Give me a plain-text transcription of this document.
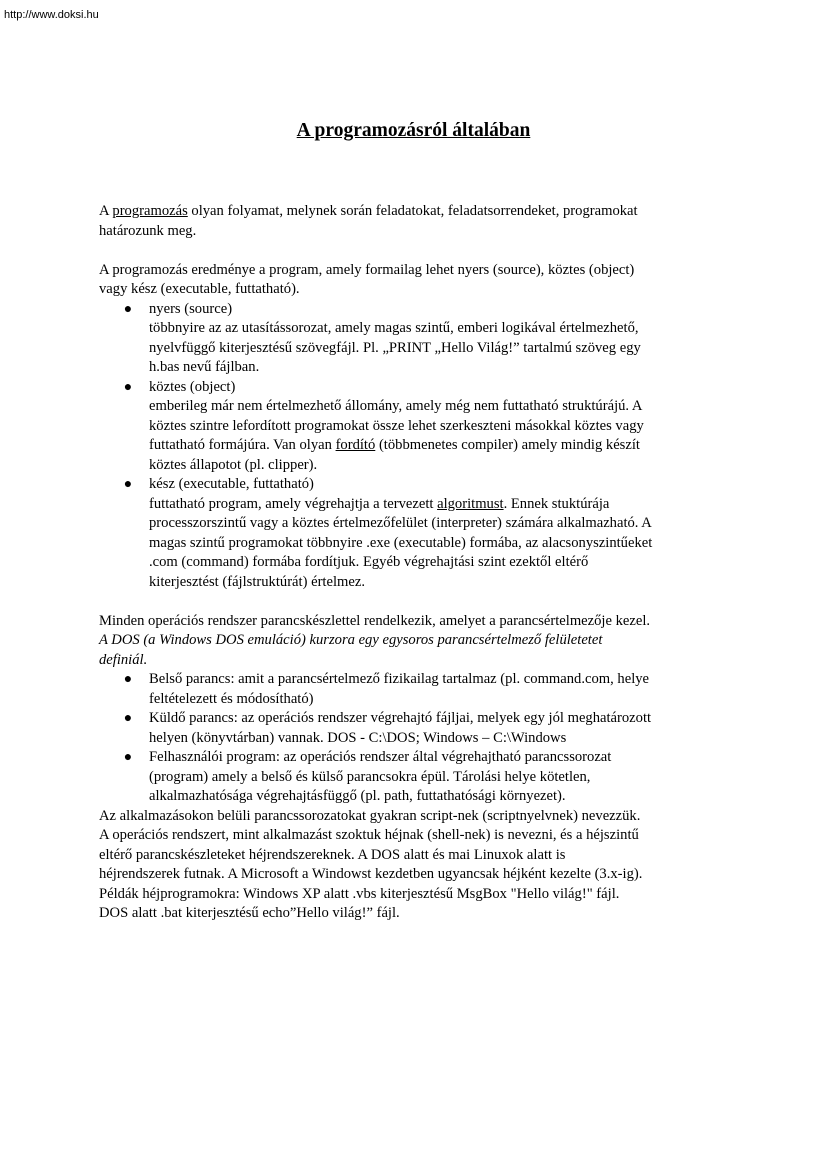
http://www.doksi.hu
A programozásról általában
A programozás olyan folyamat, melynek során feladatokat, feladatsorrendeket, programokat
határozunk meg.
A programozás eredménye a program, amely formailag lehet nyers (source), köztes (object)
vagy kész (executable, futtatható).
● nyers (source)
többnyire az az utasítássorozat, amely magas szintű, emberi logikával értelmezhető,
nyelvfüggő kiterjesztésű szövegfájl. Pl. „PRINT „Hello Világ!” tartalmú szöveg egy
h.bas nevű fájlban.
● köztes (object)
emberileg már nem értelmezhető állomány, amely még nem futtatható struktúrájú. A
köztes szintre lefordított programokat össze lehet szerkeszteni másokkal köztes vagy
futtatható formájúra. Van olyan fordító (többmenetes compiler) amely mindig készít
köztes állapotot (pl. clipper).
● kész (executable, futtatható)
futtatható program, amely végrehajtja a tervezett algoritmust. Ennek stuktúrája
processzorszintű vagy a köztes értelmezőfelület (interpreter) számára alkalmazható. A
magas szintű programokat többnyire .exe (executable) formába, az alacsonyszintűeket
.com (command) formába fordítjuk. Egyéb végrehajtási szint ezektől eltérő
kiterjesztést (fájlstruktúrát) értelmez.
Minden operációs rendszer parancskészlettel rendelkezik, amelyet a parancsértelmezője kezel.
A DOS (a Windows DOS emuláció) kurzora egy egysoros parancsértelmező felületetet
definiál.
● Belső parancs: amit a parancsértelmező fizikailag tartalmaz (pl. command.com, helye
feltételezett és módosítható)
● Küldő parancs: az operációs rendszer végrehajtó fájljai, melyek egy jól meghatározott
helyen (könyvtárban) vannak. DOS - C:\DOS; Windows – C:\Windows
● Felhasználói program: az operációs rendszer által végrehajtható parancssorozat
(program) amely a belső és külső parancsokra épül. Tárolási helye kötetlen,
alkalmazhatósága végrehajtásfüggő (pl. path, futtathatósági környezet).
Az alkalmazásokon belüli parancssorozatokat gyakran script-nek (scriptnyelvnek) nevezzük.
A operációs rendszert, mint alkalmazást szoktuk héjnak (shell-nek) is nevezni, és a héjszintű
eltérő parancskészleteket héjrendszereknek. A DOS alatt és mai Linuxok alatt is
héjrendszerek futnak. A Microsoft a Windowst kezdetben ugyancsak héjként kezelte (3.x-ig).
Példák héjprogramokra: Windows XP alatt .vbs kiterjesztésű MsgBox "Hello világ!" fájl.
DOS alatt .bat kiterjesztésű echo”Hello világ!” fájl.
